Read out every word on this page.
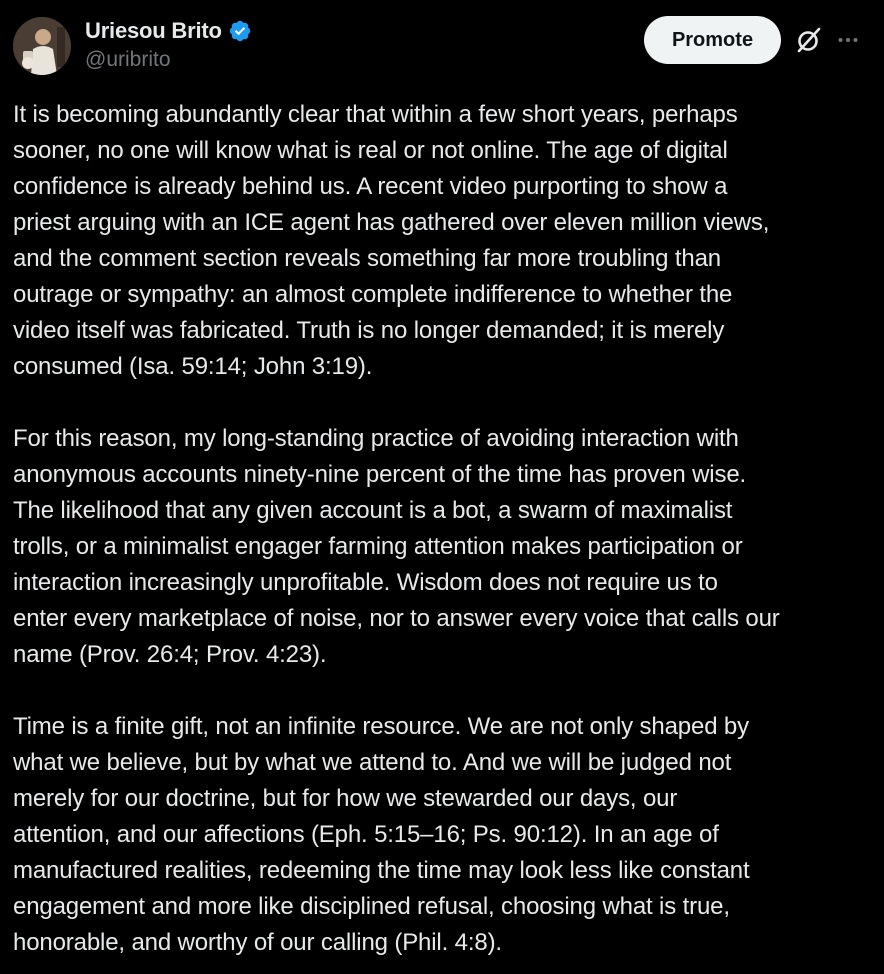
Uriesou Brito
@uribrito
Promote

It is becoming abundantly clear that within a few short years, perhaps
sooner, no one will know what is real or not online. The age of digital
confidence is already behind us. A recent video purporting to show a
priest arguing with an ICE agent has gathered over eleven million views,
and the comment section reveals something far more troubling than
outrage or sympathy: an almost complete indifference to whether the
video itself was fabricated. Truth is no longer demanded; it is merely
consumed (Isa. 59:14; John 3:19).

For this reason, my long-standing practice of avoiding interaction with
anonymous accounts ninety-nine percent of the time has proven wise.
The likelihood that any given account is a bot, a swarm of maximalist
trolls, or a minimalist engager farming attention makes participation or
interaction increasingly unprofitable. Wisdom does not require us to
enter every marketplace of noise, nor to answer every voice that calls our
name (Prov. 26:4; Prov. 4:23).

Time is a finite gift, not an infinite resource. We are not only shaped by
what we believe, but by what we attend to. And we will be judged not
merely for our doctrine, but for how we stewarded our days, our
attention, and our affections (Eph. 5:15–16; Ps. 90:12). In an age of
manufactured realities, redeeming the time may look less like constant
engagement and more like disciplined refusal, choosing what is true,
honorable, and worthy of our calling (Phil. 4:8).
